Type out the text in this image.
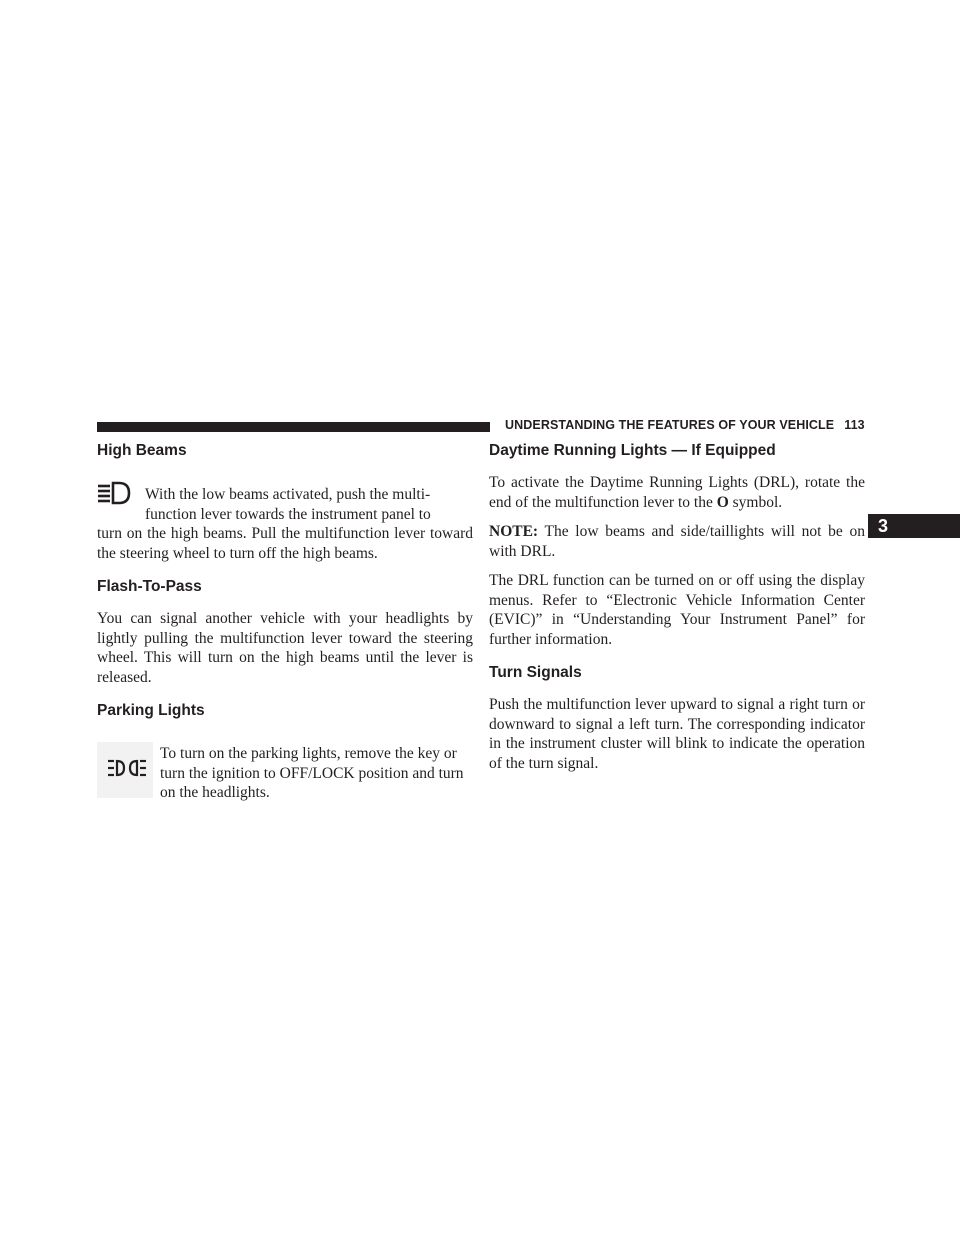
UNDERSTANDING THE FEATURES OF YOUR VEHICLE 113
3
High Beams

With the low beams activated, push the multi-

function lever towards the instrument panel to

turn on the high beams. Pull the multifunction lever toward the steering wheel to turn off the high beams.

Flash-To-Pass

You can signal another vehicle with your headlights by lightly pulling the multifunction lever toward the steering wheel. This will turn on the high beams until the lever is released.

Parking Lights

To turn on the parking lights, remove the key or turn the ignition to OFF/LOCK position and turn on the headlights.

Daytime Running Lights — If Equipped

To activate the Daytime Running Lights (DRL), rotate the end of the multifunction lever to the O symbol.

NOTE: The low beams and side/taillights will not be on with DRL.

The DRL function can be turned on or off using the display menus. Refer to “Electronic Vehicle Information Center (EVIC)” in “Understanding Your Instrument Panel” for further information.

Turn Signals

Push the multifunction lever upward to signal a right turn or downward to signal a left turn. The corresponding indicator in the instrument cluster will blink to indicate the operation of the turn signal.
